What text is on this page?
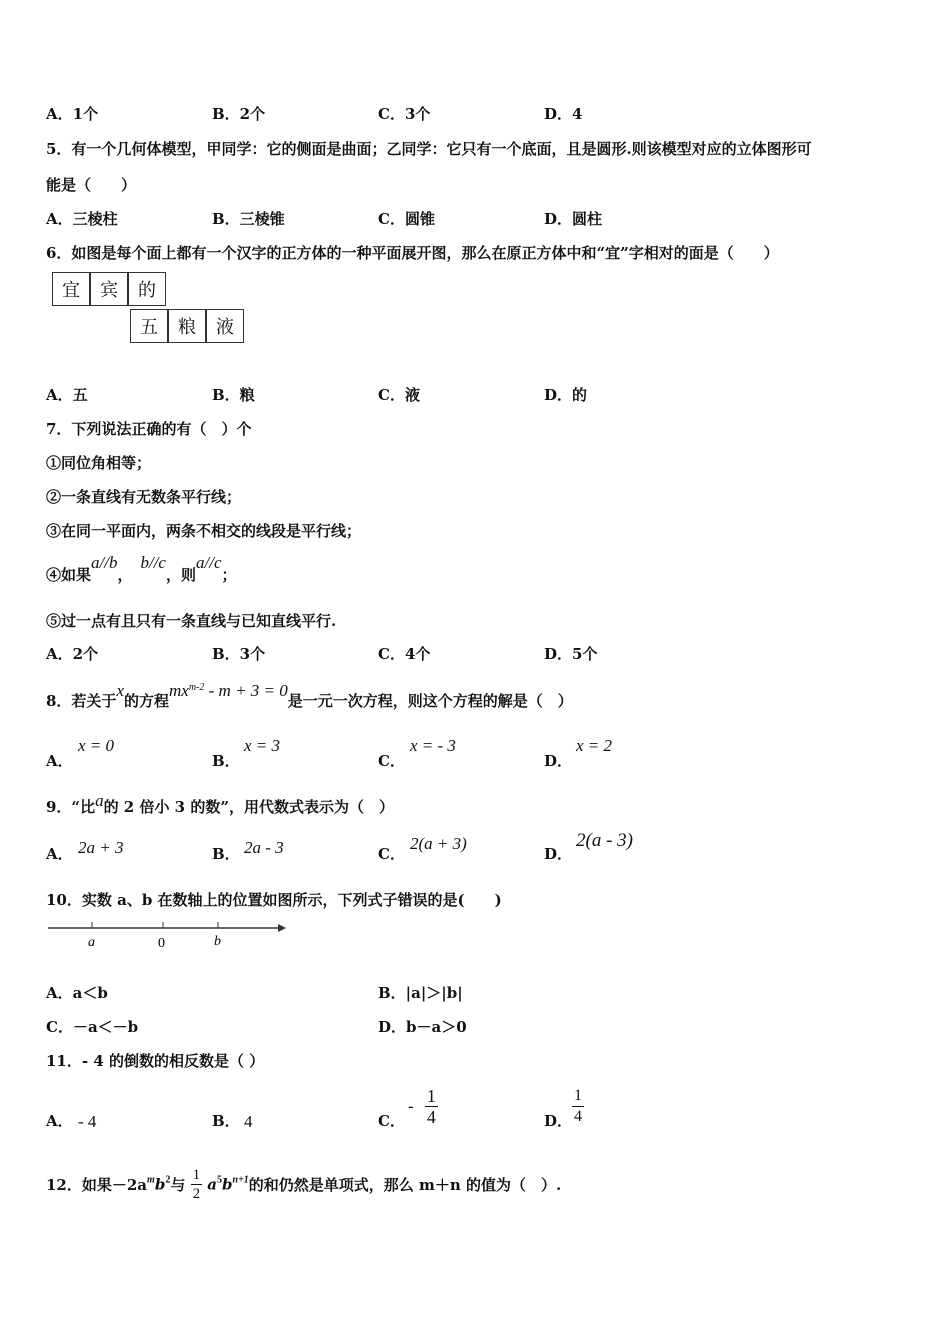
A．1个	B．2个	C．3个	D．4
5．有一个几何体模型，甲同学：它的侧面是曲面；乙同学：它只有一个底面，且是圆形.则该模型对应的立体图形可
能是（　　）
A．三棱柱	B．三棱锥	C．圆锥	D．圆柱
6．如图是每个面上都有一个汉字的正方体的一种平面展开图，那么在原正方体中和“宜”字相对的面是（　　）
宜	宾	的
五	粮	液
A．五	B．粮	C．液	D．的
7．下列说法正确的有（　）个
①同位角相等；
②一条直线有无数条平行线；
③在同一平面内，两条不相交的线段是平行线；
④如果a//b，b//c，则a//c；
⑤过一点有且只有一条直线与已知直线平行.
A．2个	B．3个	C．4个	D．5个
8．若关于x的方程$mx^{m-2} - m + 3 = 0$是一元一次方程，则这个方程的解是（　）
A．
x = 0
B．
x = 3
C．
x = - 3
D．
x = 2
9．“比a的 2 倍小 3 的数”，用代数式表示为（　）
A． 2a + 3	B． 2a - 3	C．
2(a + 3)
D．
2(a - 3)
10．实数 a、b 在数轴上的位置如图所示，下列式子错误的是(　　)
a	0	b
A．a＜b	B．|a|＞|b|
C．－a＜－b	D．b－a＞0
11．- 4 的倒数的相反数是（ ）
A． - 4	B． 4	C．
- $\frac{1}{4}$	D． $\frac{1}{4}$
12．如果$-2a^mb^2$与 $\frac{1}{2} a^5b^{n+1}$的和仍然是单项式，那么 m＋n 的值为（　）.
